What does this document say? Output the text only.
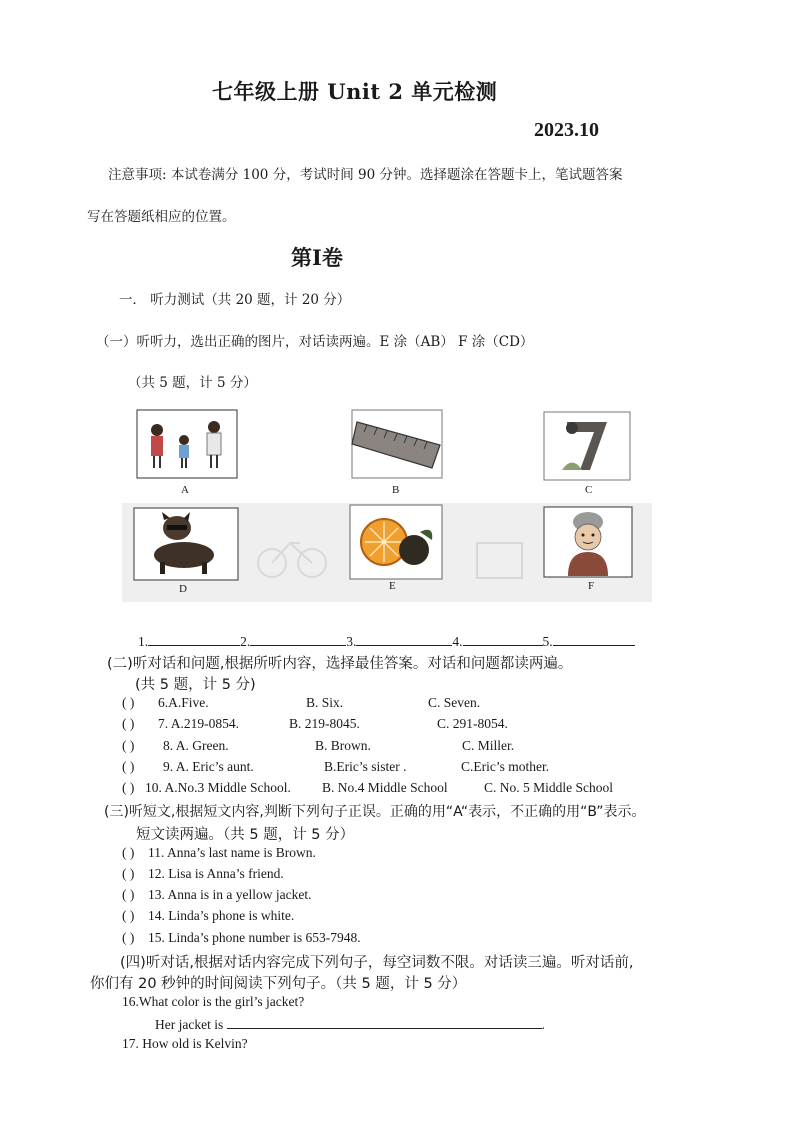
七年级上册 Unit 2 单元检测
2023.10
注意事项: 本试卷满分 100 分，考试时间 90 分钟。选择题涂在答题卡上，笔试题答案
写在答题纸相应的位置。
第Ⅰ卷
一． 听力测试（共 20 题，计 20 分）
（一）听听力，选出正确的图片，对话读两遍。E 涂（AB） F 涂（CD）
（共 5 题，计 5 分）
A	B	C
D	E	F
1.	2.	3.	4.	5.
(二)听对话和问题,根据所听内容，选择最佳答案。对话和问题都读两遍。
(共 5 题，计 5 分)
( ) 6.A.Five.	B. Six.	C. Seven.
( ) 7. A.219-0854.	B. 219-8045.	C. 291-8054.
( ) 8. A. Green.	B. Brown.	C. Miller.
( ) 9. A. Eric’s aunt.	B.Eric’s sister .	C.Eric’s mother.
( ) 10. A.No.3 Middle School. B. No.4 Middle School	C. No. 5 Middle School
(三)听短文,根据短文内容,判断下列句子正误。正确的用“A“表示，不正确的用“B”表示。
短文读两遍。（共 5 题，计 5 分）
( ) 11. Anna’s last name is Brown.
( ) 12. Lisa is Anna’s friend.
( ) 13. Anna is in a yellow jacket.
( ) 14. Linda’s phone is white.
( ) 15. Linda’s phone number is 653-7948.
(四)听对话,根据对话内容完成下列句子，每空词数不限。对话读三遍。听对话前,
你们有 20 秒钟的时间阅读下列句子。（共 5 题，计 5 分）
16.What color is the girl’s jacket?
Her jacket is	.
17. How old is Kelvin?
